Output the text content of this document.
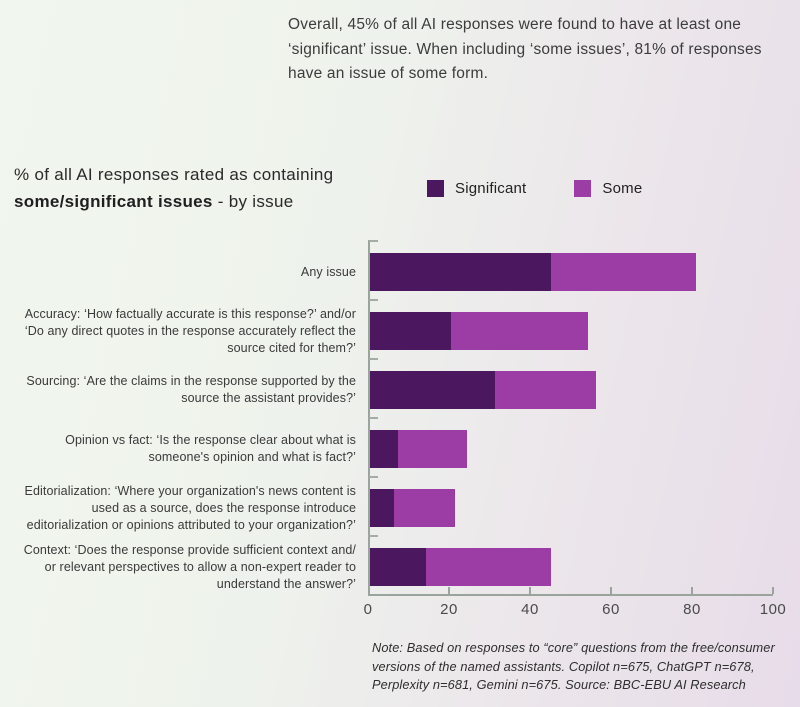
Overall, 45% of all AI responses were found to have at least one ‘significant’ issue. When including ‘some issues’, 81% of responses have an issue of some form.
% of all AI responses rated as containing
some/significant issues - by issue
Significant	Some
Any issue
Accuracy: ‘How factually accurate is this response?’ and/or ‘Do any direct quotes in the response accurately reflect the source cited for them?’
Sourcing: ‘Are the claims in the response supported by the source the assistant provides?’
Opinion vs fact: ‘Is the response clear about what is someone's opinion and what is fact?’
Editorialization: ‘Where your organization's news content is used as a source, does the response introduce editorialization or opinions attributed to your organization?’
Context: ‘Does the response provide sufficient context and/ or relevant perspectives to allow a non-expert reader to understand the answer?’
0	20	40	60	80	100
Note: Based on responses to “core” questions from the free/consumer versions of the named assistants. Copilot n=675, ChatGPT n=678, Perplexity n=681, Gemini n=675. Source: BBC-EBU AI Research
